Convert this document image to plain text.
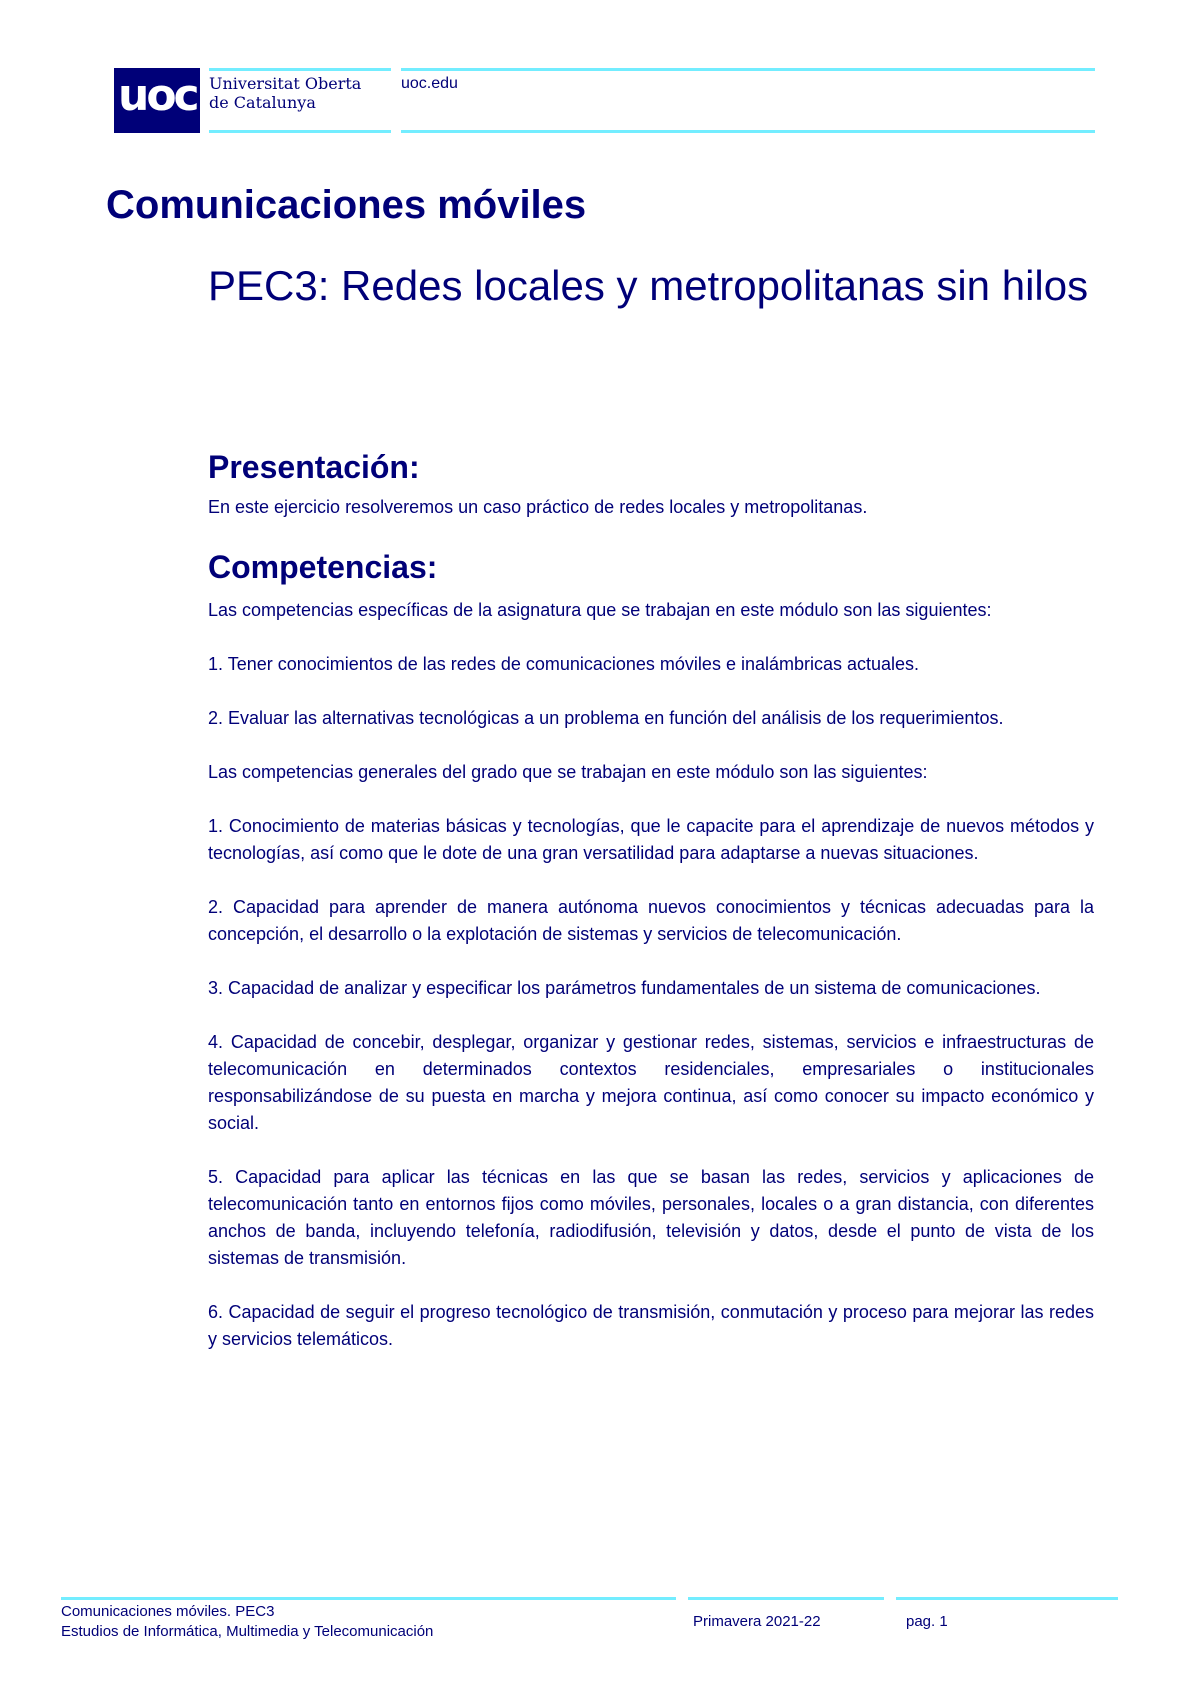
uoc Universitat Oberta
de Catalunya
uoc.edu
Comunicaciones móviles
PEC3: Redes locales y metropolitanas sin hilos
Presentación:

En este ejercicio resolveremos un caso práctico de redes locales y metropolitanas.

Competencias:

Las competencias específicas de la asignatura que se trabajan en este módulo son las siguientes:

1. Tener conocimientos de las redes de comunicaciones móviles e inalámbricas actuales.

2. Evaluar las alternativas tecnológicas a un problema en función del análisis de los requerimientos.

Las competencias generales del grado que se trabajan en este módulo son las siguientes:

1. Conocimiento de materias básicas y tecnologías, que le capacite para el aprendizaje de nuevos métodos y tecnologías, así como que le dote de una gran versatilidad para adaptarse a nuevas situaciones.

2. Capacidad para aprender de manera autónoma nuevos conocimientos y técnicas adecuadas para la concepción, el desarrollo o la explotación de sistemas y servicios de telecomunicación.

3. Capacidad de analizar y especificar los parámetros fundamentales de un sistema de comunicaciones.

4. Capacidad de concebir, desplegar, organizar y gestionar redes, sistemas, servicios e infraestructuras de telecomunicación en determinados contextos residenciales, empresariales o institucionales responsabilizándose de su puesta en marcha y mejora continua, así como conocer su impacto económico y social.

5. Capacidad para aplicar las técnicas en las que se basan las redes, servicios y aplicaciones de telecomunicación tanto en entornos fijos como móviles, personales, locales o a gran distancia, con diferentes anchos de banda, incluyendo telefonía, radiodifusión, televisión y datos, desde el punto de vista de los sistemas de transmisión.

6. Capacidad de seguir el progreso tecnológico de transmisión, conmutación y proceso para mejorar las redes y servicios telemáticos.

Comunicaciones móviles. PEC3
Estudios de Informática, Multimedia y Telecomunicación
Primavera 2021-22	pag. 1
